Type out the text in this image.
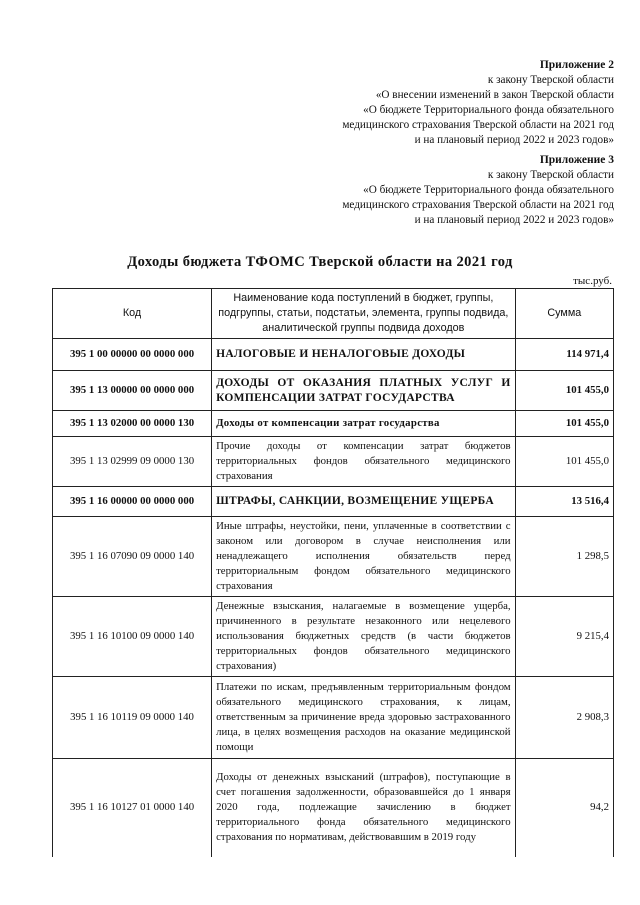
Приложение 2
к закону Тверской области
«О внесении изменений в закон Тверской области
«О бюджете Территориального фонда обязательного
медицинского страхования Тверской области на 2021 год
и на плановый период 2022 и 2023 годов»
Приложение 3
к закону Тверской области
«О бюджете Территориального фонда обязательного
медицинского страхования Тверской области на 2021 год
и на плановый период 2022 и 2023 годов»
Доходы бюджета ТФОМС Тверской области на 2021 год
тыс.руб.
Код	Наименование кода поступлений в бюджет, группы, подгруппы, статьи, подстатьи, элемента, группы подвида, аналитической группы подвида доходов	Сумма
395 1 00 00000 00 0000 000	НАЛОГОВЫЕ И НЕНАЛОГОВЫЕ ДОХОДЫ	114 971,4
395 1 13 00000 00 0000 000	ДОХОДЫ ОТ ОКАЗАНИЯ ПЛАТНЫХ УСЛУГ И КОМПЕНСАЦИИ ЗАТРАТ ГОСУДАРСТВА	101 455,0
395 1 13 02000 00 0000 130	Доходы от компенсации затрат государства	101 455,0
395 1 13 02999 09 0000 130	Прочие доходы от компенсации затрат бюджетов территориальных фондов обязательного медицинского страхования	101 455,0
395 1 16 00000 00 0000 000	ШТРАФЫ, САНКЦИИ, ВОЗМЕЩЕНИЕ УЩЕРБА	13 516,4
395 1 16 07090 09 0000 140	Иные штрафы, неустойки, пени, уплаченные в соответствии с законом или договором в случае неисполнения или ненадлежащего исполнения обязательств перед территориальным фондом обязательного медицинского страхования	1 298,5
395 1 16 10100 09 0000 140	Денежные взыскания, налагаемые в возмещение ущерба, причиненного в результате незаконного или нецелевого использования бюджетных средств (в части бюджетов территориальных фондов обязательного медицинского страхования)	9 215,4
395 1 16 10119 09 0000 140	Платежи по искам, предъявленным территориальным фондом обязательного медицинского страхования, к лицам, ответственным за причинение вреда здоровью застрахованного лица, в целях возмещения расходов на оказание медицинской помощи	2 908,3
395 1 16 10127 01 0000 140	Доходы от денежных взысканий (штрафов), поступающие в счет погашения задолженности, образовавшейся до 1 января 2020 года, подлежащие зачислению в бюджет территориального фонда обязательного медицинского страхования по нормативам, действовавшим в 2019 году	94,2
